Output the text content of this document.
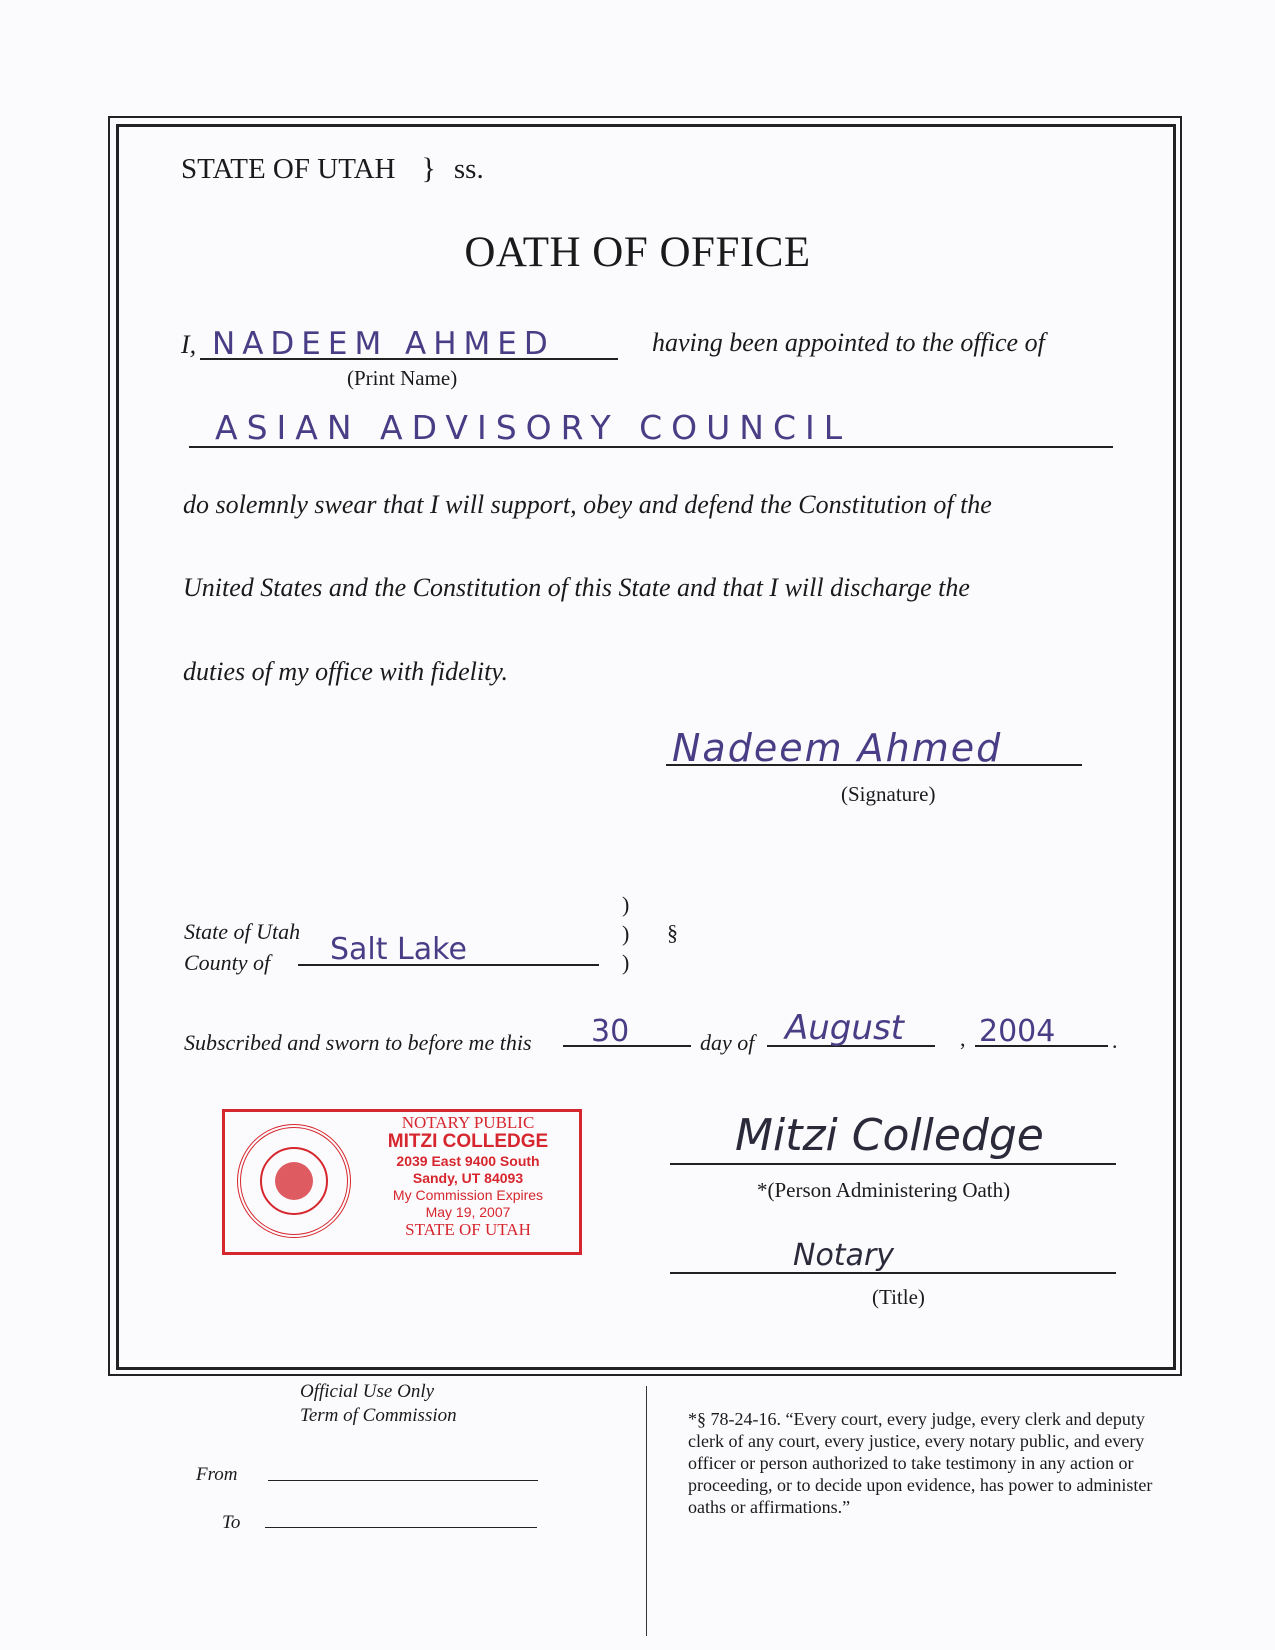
STATE OF UTAH } ss.
OATH OF OFFICE
I, NADEEM AHMED
(Print Name)
having been appointed to the office of
ASIAN ADVISORY COUNCIL
do solemnly swear that I will support, obey and defend the Constitution of the
United States and the Constitution of this State and that I will discharge the
duties of my office with fidelity.
Nadeem Ahmed
(Signature)
State of Utah
County of Salt Lake
)
)
)
§
Subscribed and sworn to before me this 30	day of August	, 2004	.
NOTARY PUBLIC
MITZI COLLEDGE
2039 East 9400 South
Sandy, UT 84093
My Commission Expires
May 19, 2007
STATE OF UTAH
Mitzi Colledge
*(Person Administering Oath)
Notary
(Title)
Official Use Only
Term of Commission
From
To
*§ 78-24-16. “Every court, every judge, every clerk and deputy clerk of any court, every justice, every notary public, and every officer or person authorized to take testimony in any action or proceeding, or to decide upon evidence, has power to administer oaths or affirmations.”
